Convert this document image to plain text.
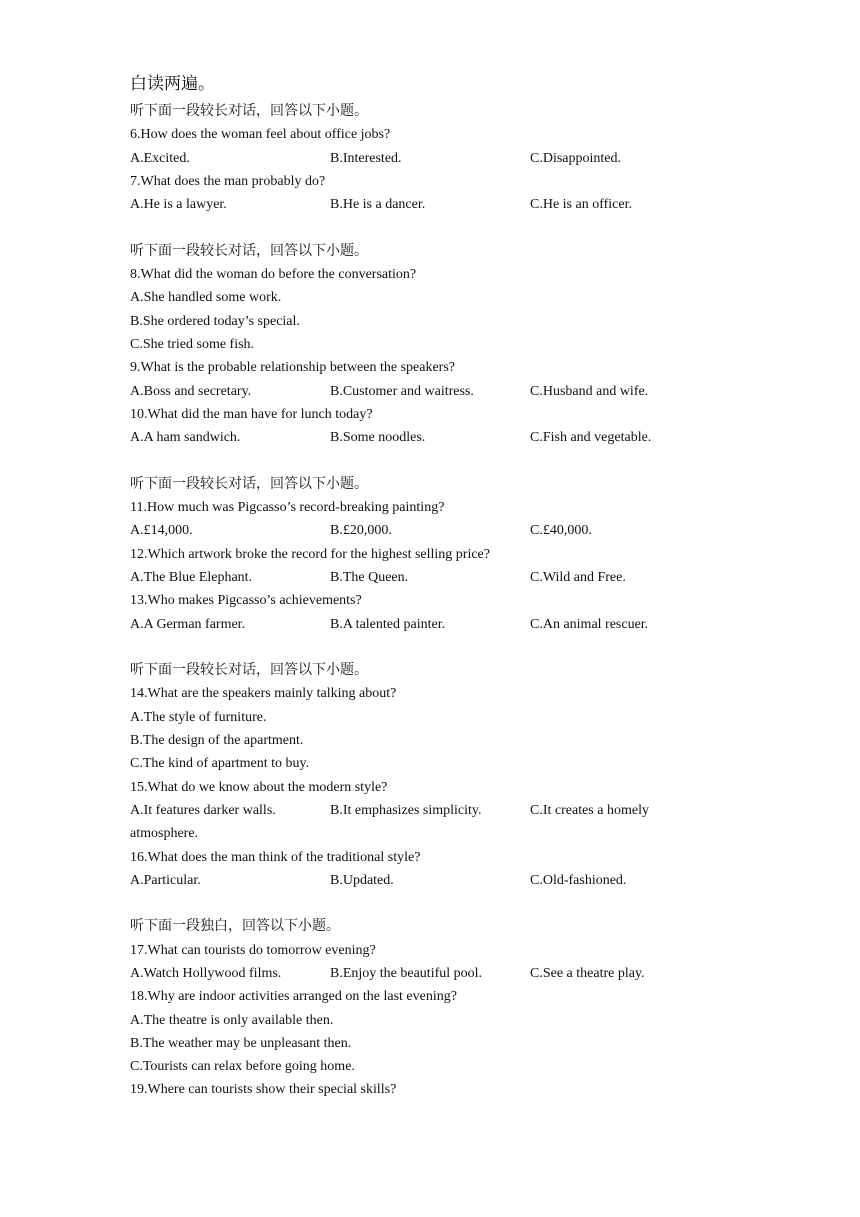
白读两遍。
听下面一段较长对话，回答以下小题。
6.How does the woman feel about office jobs?
A.Excited.	B.Interested.	C.Disappointed.
7.What does the man probably do?
A.He is a lawyer.	B.He is a dancer.	C.He is an officer.
听下面一段较长对话，回答以下小题。
8.What did the woman do before the conversation?
A.She handled some work.
B.She ordered today’s special.
C.She tried some fish.
9.What is the probable relationship between the speakers?
A.Boss and secretary.	B.Customer and waitress.	C.Husband and wife.
10.What did the man have for lunch today?
A.A ham sandwich.	B.Some noodles.	C.Fish and vegetable.
听下面一段较长对话，回答以下小题。
11.How much was Pigcasso’s record-breaking painting?
A.£14,000.	B.£20,000.	C.£40,000.
12.Which artwork broke the record for the highest selling price?
A.The Blue Elephant.	B.The Queen.	C.Wild and Free.
13.Who makes Pigcasso’s achievements?
A.A German farmer.	B.A talented painter.	C.An animal rescuer.
听下面一段较长对话，回答以下小题。
14.What are the speakers mainly talking about?
A.The style of furniture.
B.The design of the apartment.
C.The kind of apartment to buy.
15.What do we know about the modern style?
A.It features darker walls.	B.It emphasizes simplicity.	C.It creates a homely
atmosphere.
16.What does the man think of the traditional style?
A.Particular.	B.Updated.	C.Old-fashioned.
听下面一段独白，回答以下小题。
17.What can tourists do tomorrow evening?
A.Watch Hollywood films.	B.Enjoy the beautiful pool.	C.See a theatre play.
18.Why are indoor activities arranged on the last evening?
A.The theatre is only available then.
B.The weather may be unpleasant then.
C.Tourists can relax before going home.
19.Where can tourists show their special skills?
